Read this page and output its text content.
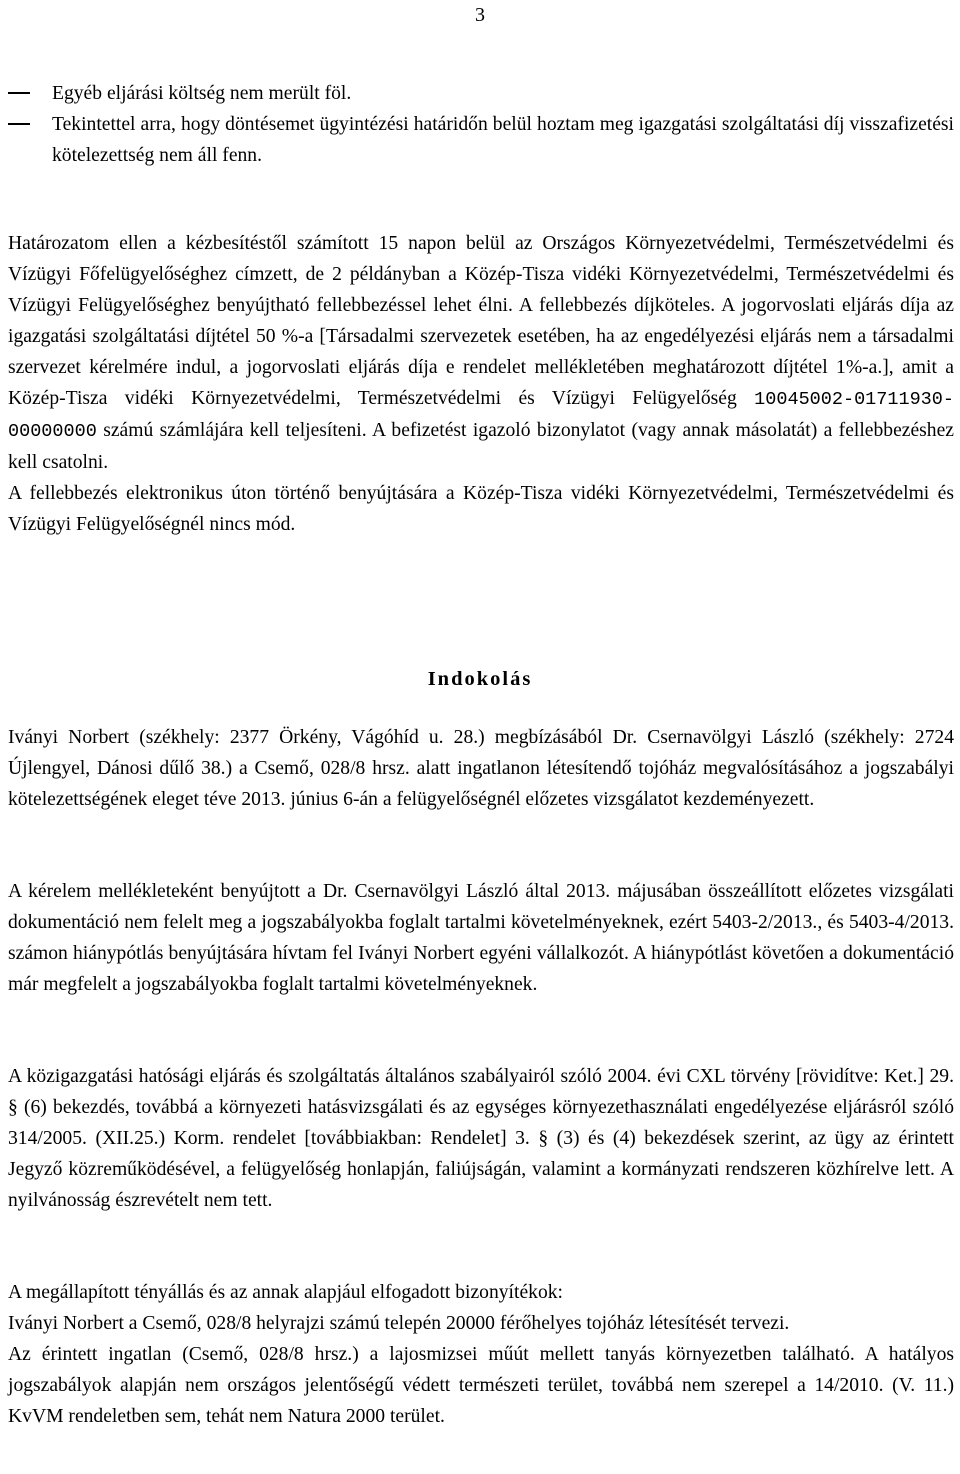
3
Egyéb eljárási költség nem merült föl.
Tekintettel arra, hogy döntésemet ügyintézési határidőn belül hoztam meg igazgatási szolgáltatási díj visszafizetési kötelezettség nem áll fenn.

Határozatom ellen a kézbesítéstől számított 15 napon belül az Országos Környezetvédelmi, Természetvédelmi és Vízügyi Főfelügyelőséghez címzett, de 2 példányban a Közép-Tisza vidéki Környezetvédelmi, Természetvédelmi és Vízügyi Felügyelőséghez benyújtható fellebbezéssel lehet élni. A fellebbezés díjköteles. A jogorvoslati eljárás díja az igazgatási szolgáltatási díjtétel 50 %-a [Társadalmi szervezetek esetében, ha az engedélyezési eljárás nem a társadalmi szervezet kérelmére indul, a jogorvoslati eljárás díja e rendelet mellékletében meghatározott díjtétel 1%-a.], amit a Közép-Tisza vidéki Környezetvédelmi, Természetvédelmi és Vízügyi Felügyelőség 10045002-01711930-00000000 számú számlájára kell teljesíteni. A befizetést igazoló bizonylatot (vagy annak másolatát) a fellebbezéshez kell csatolni.

A fellebbezés elektronikus úton történő benyújtására a Közép-Tisza vidéki Környezetvédelmi, Természetvédelmi és Vízügyi Felügyelőségnél nincs mód.

Indokolás

Iványi Norbert (székhely: 2377 Örkény, Vágóhíd u. 28.) megbízásából Dr. Csernavölgyi László (székhely: 2724 Újlengyel, Dánosi dűlő 38.) a Csemő, 028/8 hrsz. alatt ingatlanon létesítendő tojóház megvalósításához a jogszabályi kötelezettségének eleget téve 2013. június 6-án a felügyelőségnél előzetes vizsgálatot kezdeményezett.

A kérelem mellékleteként benyújtott a Dr. Csernavölgyi László által 2013. májusában összeállított előzetes vizsgálati dokumentáció nem felelt meg a jogszabályokba foglalt tartalmi követelményeknek, ezért 5403-2/2013., és 5403-4/2013. számon hiánypótlás benyújtására hívtam fel Iványi Norbert egyéni vállalkozót. A hiánypótlást követően a dokumentáció már megfelelt a jogszabályokba foglalt tartalmi követelményeknek.

A közigazgatási hatósági eljárás és szolgáltatás általános szabályairól szóló 2004. évi CXL törvény [rövidítve: Ket.] 29. § (6) bekezdés, továbbá a környezeti hatásvizsgálati és az egységes környezethasználati engedélyezése eljárásról szóló 314/2005. (XII.25.) Korm. rendelet [továbbiakban: Rendelet] 3. § (3) és (4) bekezdések szerint, az ügy az érintett Jegyző közreműködésével, a felügyelőség honlapján, faliújságán, valamint a kormányzati rendszeren közhírelve lett. A nyilvánosság észrevételt nem tett.

A megállapított tényállás és az annak alapjául elfogadott bizonyítékok:

Iványi Norbert a Csemő, 028/8 helyrajzi számú telepén 20000 férőhelyes tojóház létesítését tervezi.

Az érintett ingatlan (Csemő, 028/8 hrsz.) a lajosmizsei műút mellett tanyás környezetben található. A hatályos jogszabályok alapján nem országos jelentőségű védett természeti terület, továbbá nem szerepel a 14/2010. (V. 11.) KvVM rendeletben sem, tehát nem Natura 2000 terület.
